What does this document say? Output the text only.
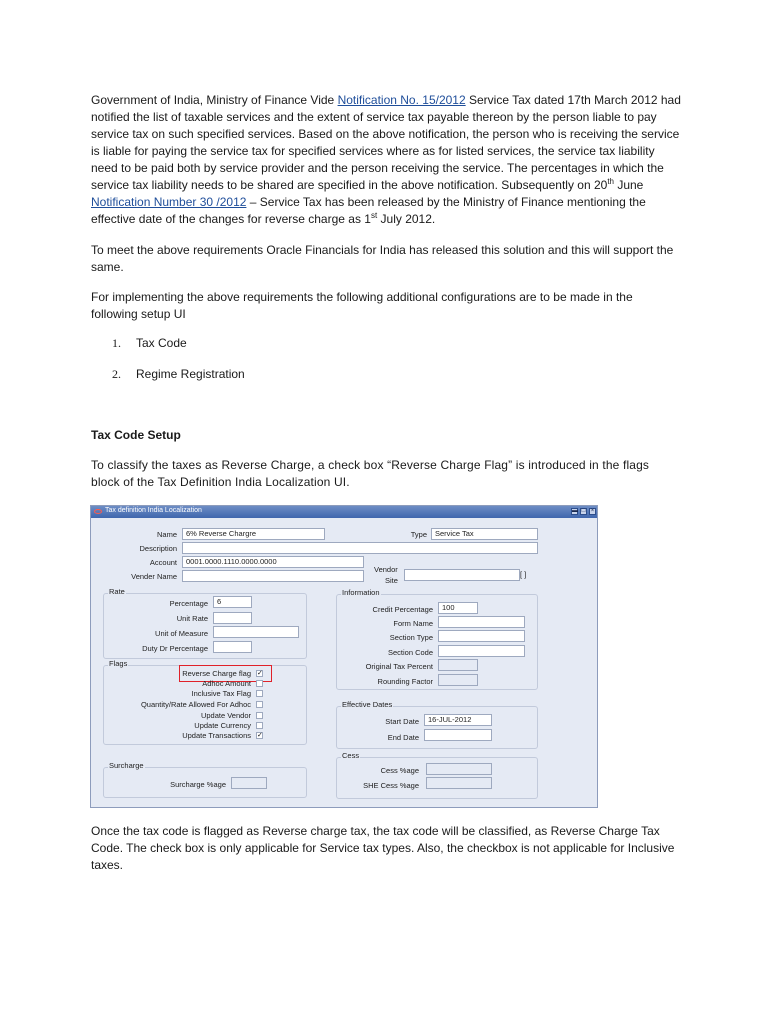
Government of India, Ministry of Finance Vide Notification No. 15/2012 Service Tax dated 17th March 2012 had notified the list of taxable services and the extent of service tax payable thereon by the person liable to pay service tax on such specified services. Based on the above notification, the person who is receiving the service is liable for paying the service tax for specified services where as for listed services, the service tax liability need to be paid both by service provider and the person receiving the service. The percentages in which the service tax liability needs to be shared are specified in the above notification. Subsequently on 20th June Notification Number 30 /2012 – Service Tax has been released by the Ministry of Finance mentioning the effective date of the changes for reverse charge as 1st July 2012.

To meet the above requirements Oracle Financials for India has released this solution and this will support the same.

For implementing the above requirements the following additional configurations are to be made in the following setup UI

1. Tax Code
2. Regime Registration

Tax Code Setup

To classify the taxes as Reverse Charge, a check box “Reverse Charge Flag” is introduced in the flags block of the Tax Definition India Localization UI.

Tax definition India Localization	▬ □ ×
Name	6% Reverse Chargre	Type	Service Tax
Description
Account	0001.0000.1110.0000.0000
Vender Name
Vendor
Site
[ ]
Rate
Percentage	6
Unit Rate
Unit of Measure
Duty Dr Percentage
Information
Credit Percentage	100
Form Name
Section Type
Section Code
Original Tax Percent
Rounding Factor
Flags
Reverse Charge flag ✓
Adhoc Amount
Inclusive Tax Flag
Quantity/Rate Allowed For Adhoc
Update Vendor
Update Currency
Update Transactions ✓
Effective Dates
Start Date	16-JUL-2012
End Date
Surcharge
Surcharge %age
Cess
Cess %age
SHE Cess %age

Once the tax code is flagged as Reverse charge tax, the tax code will be classified, as Reverse Charge Tax Code. The check box is only applicable for Service tax types. Also, the checkbox is not applicable for Inclusive taxes.
